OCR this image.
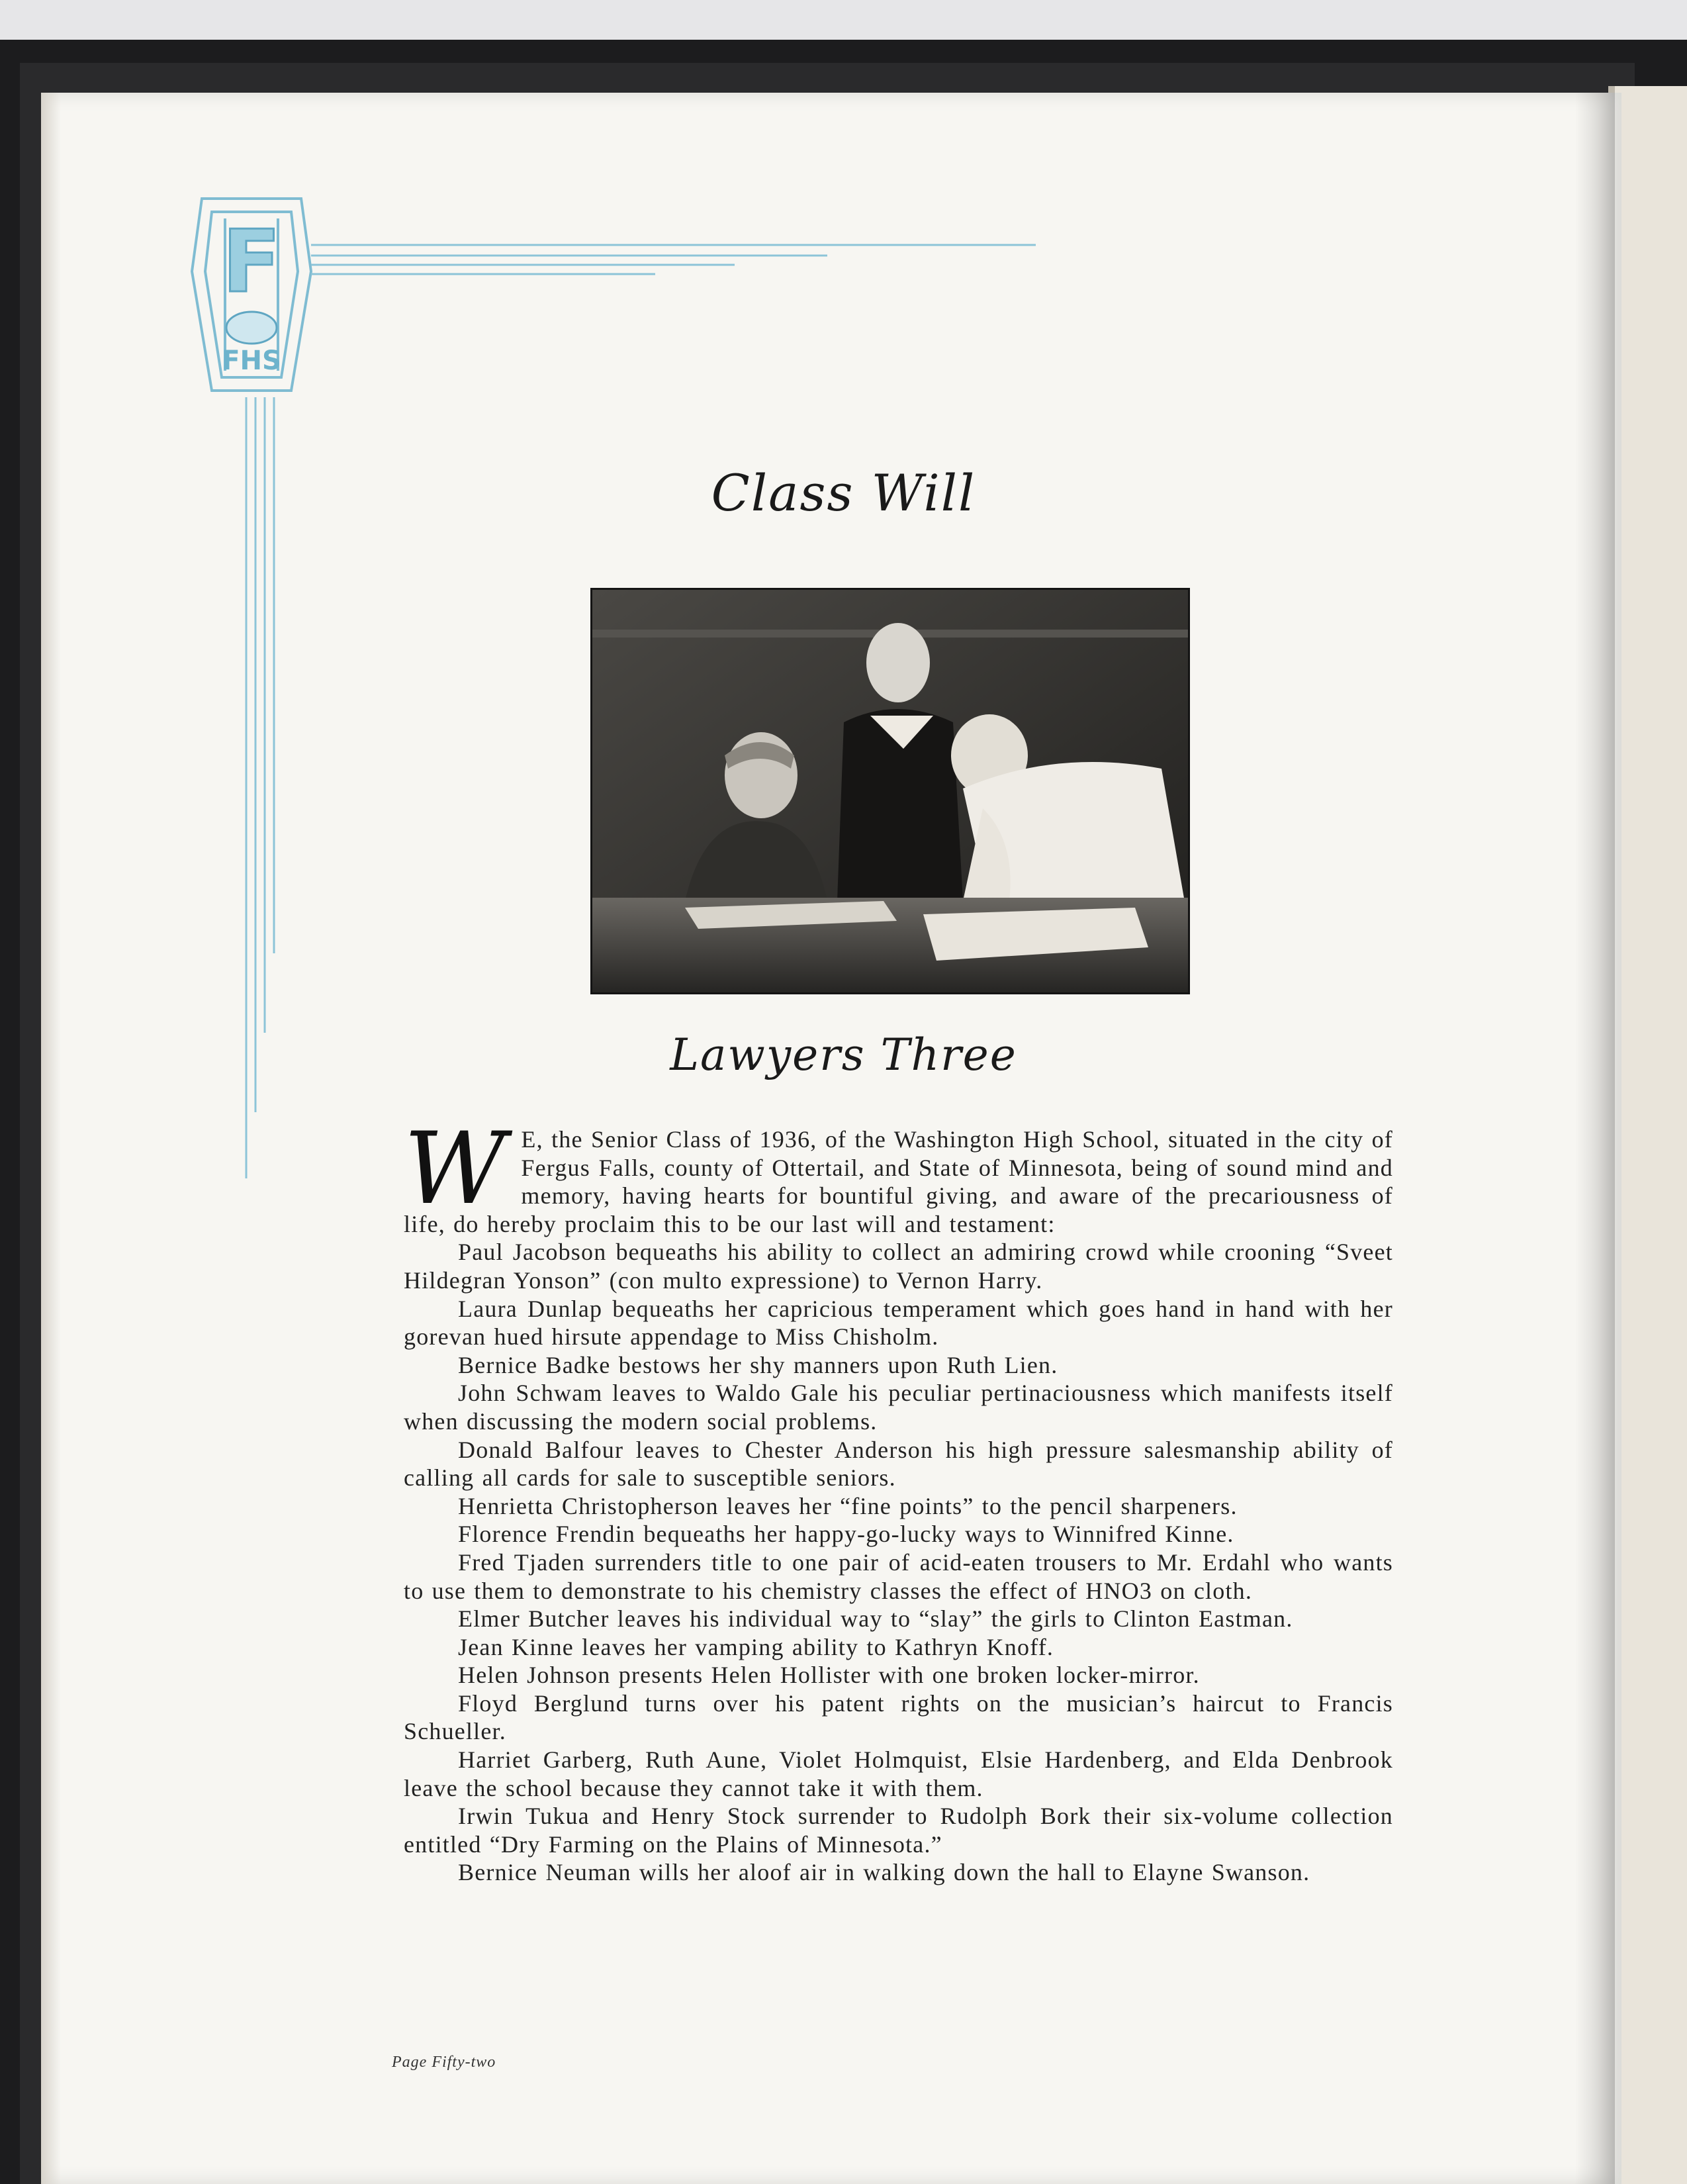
F
FHS
Class Will
Lawyers Three

W E, the Senior Class of 1936, of the Washington High School, situated in the city of Fergus Falls, county of Ottertail, and State of Minnesota, being of sound mind and memory, having hearts for bountiful giving, and aware of the precariousness of life, do hereby proclaim this to be our last will and testament:

Paul Jacobson bequeaths his ability to collect an admiring crowd while crooning “Sveet Hildegran Yonson” (con multo expressione) to Vernon Harry.

Laura Dunlap bequeaths her capricious temperament which goes hand in hand with her gorevan hued hirsute appendage to Miss Chisholm.

Bernice Badke bestows her shy manners upon Ruth Lien.

John Schwam leaves to Waldo Gale his peculiar pertinaciousness which manifests itself when discussing the modern social problems.

Donald Balfour leaves to Chester Anderson his high pressure salesmanship ability of calling all cards for sale to susceptible seniors.

Henrietta Christopherson leaves her “fine points” to the pencil sharpeners.

Florence Frendin bequeaths her happy-go-lucky ways to Winnifred Kinne.

Fred Tjaden surrenders title to one pair of acid-eaten trousers to Mr. Erdahl who wants to use them to demonstrate to his chemistry classes the effect of HNO3 on cloth.

Elmer Butcher leaves his individual way to “slay” the girls to Clinton Eastman.

Jean Kinne leaves her vamping ability to Kathryn Knoff.

Helen Johnson presents Helen Hollister with one broken locker-mirror.

Floyd Berglund turns over his patent rights on the musician’s haircut to Francis Schueller.

Harriet Garberg, Ruth Aune, Violet Holmquist, Elsie Hardenberg, and Elda Denbrook leave the school because they cannot take it with them.

Irwin Tukua and Henry Stock surrender to Rudolph Bork their six-volume collection entitled “Dry Farming on the Plains of Minnesota.”

Bernice Neuman wills her aloof air in walking down the hall to Elayne Swanson.

Page Fifty-two
